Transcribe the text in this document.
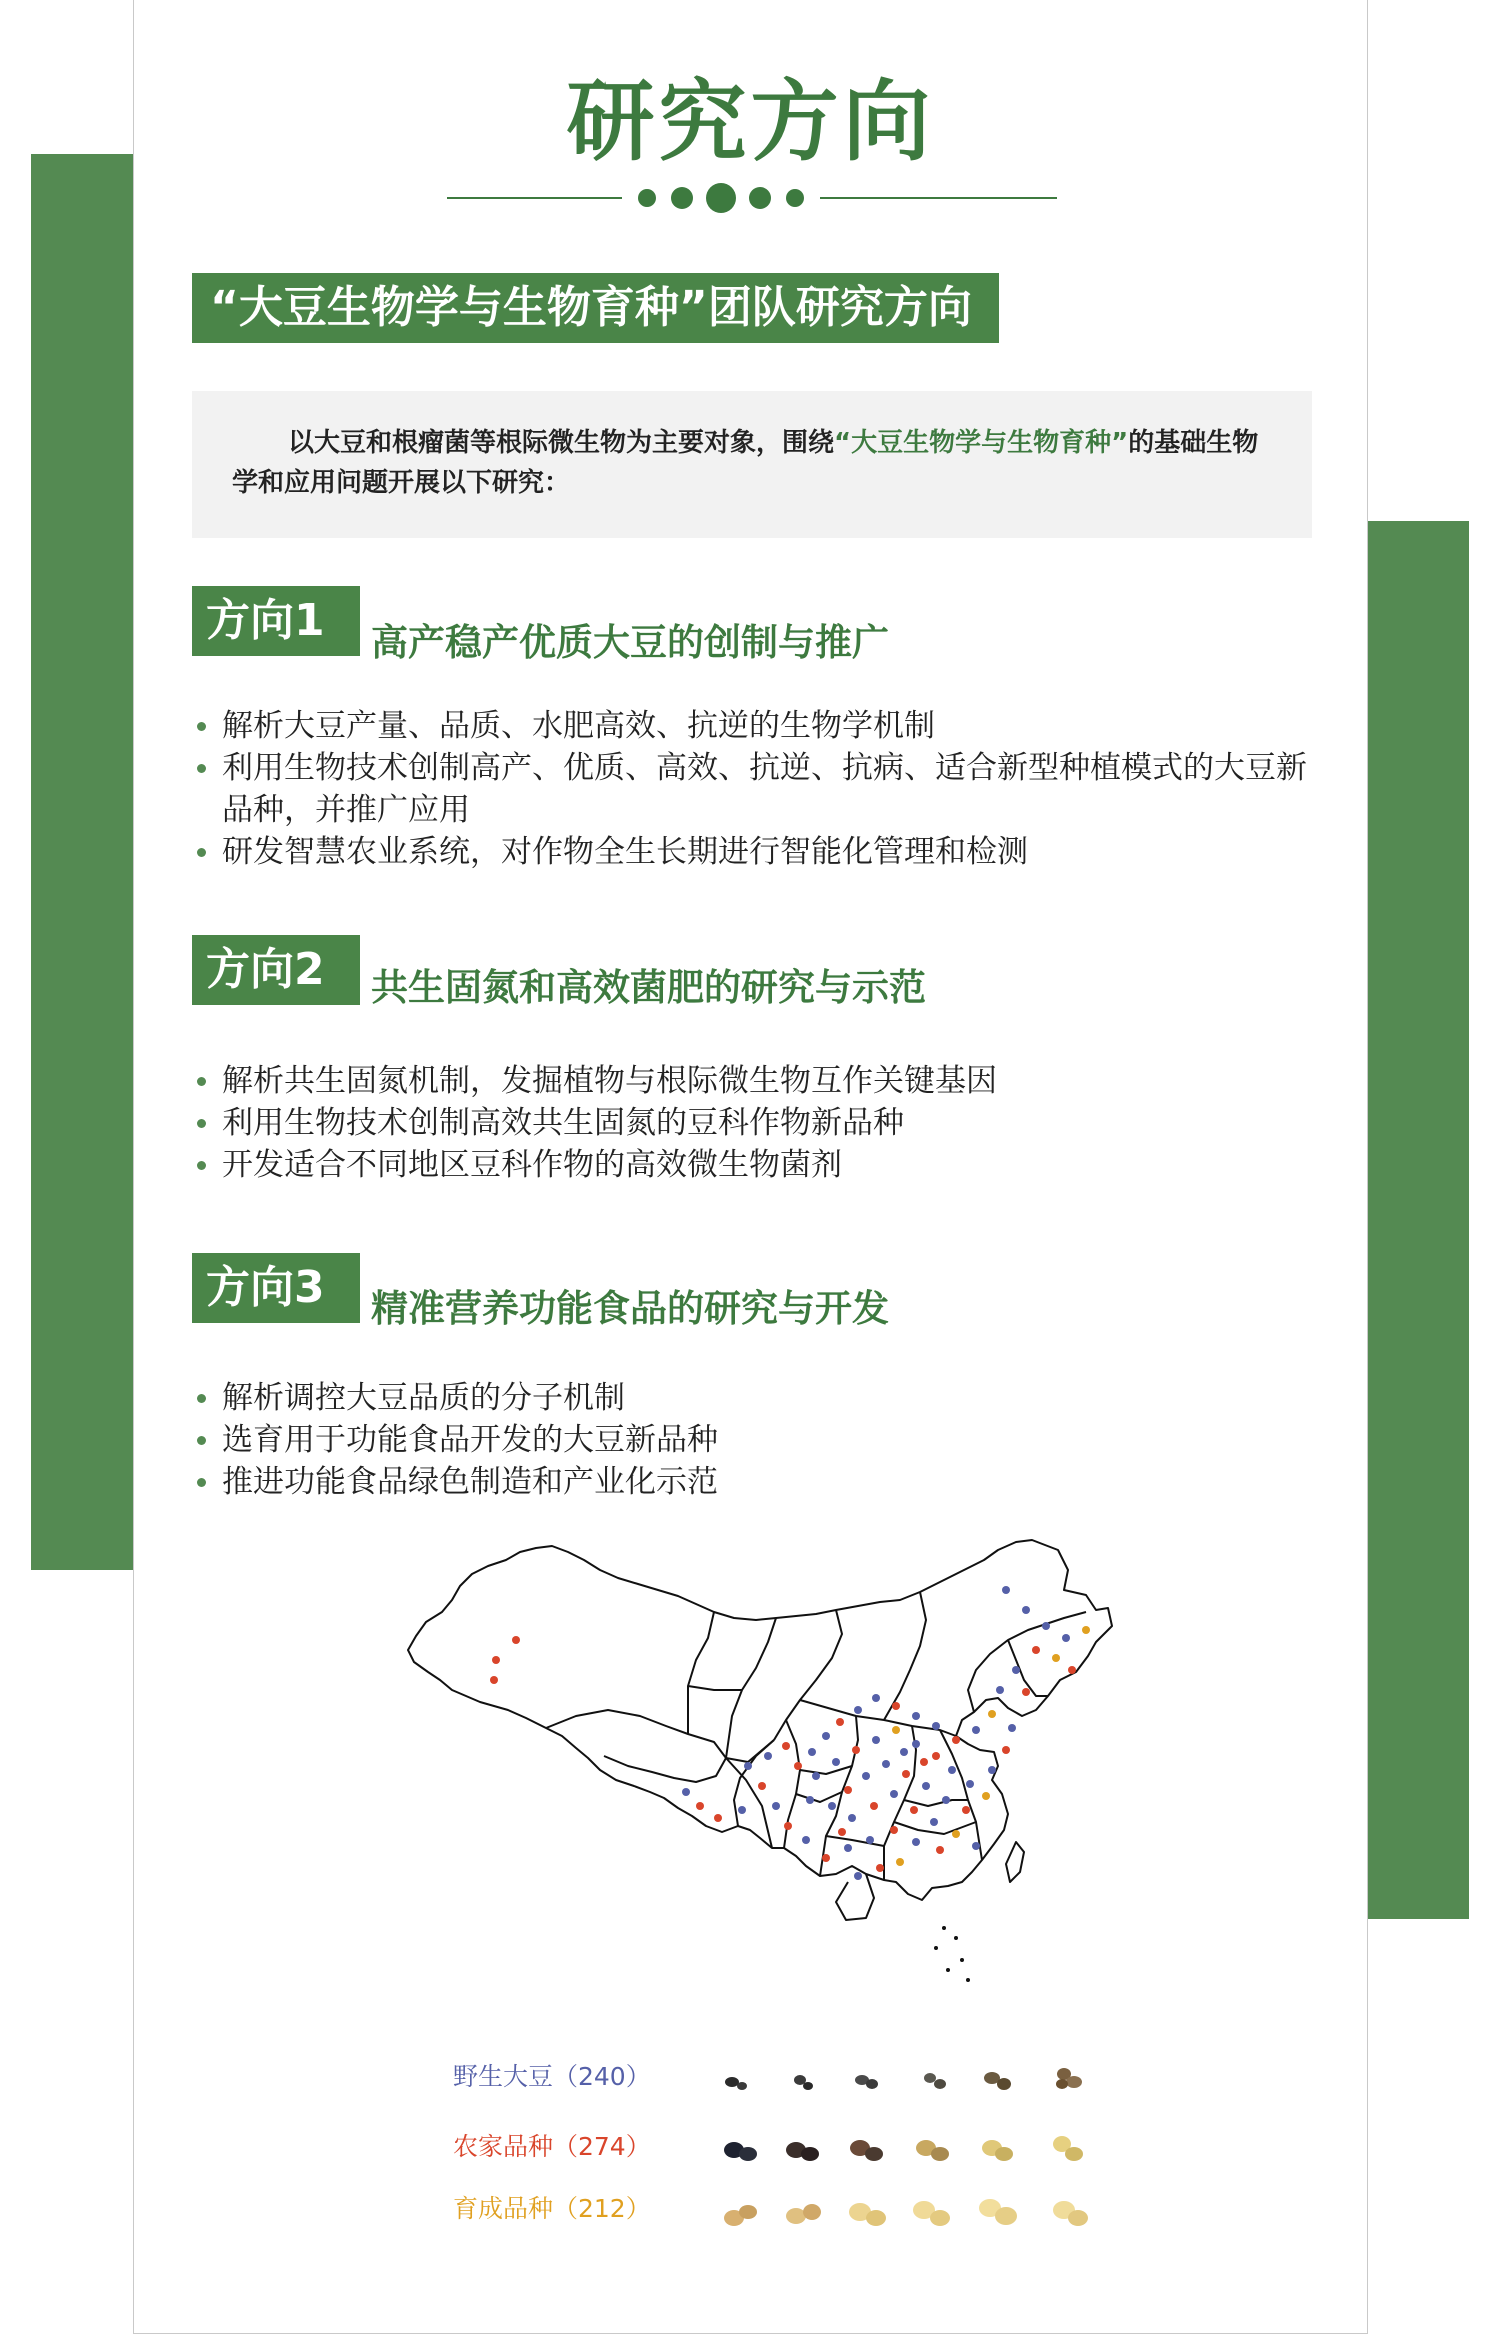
研究方向
“大豆生物学与生物育种”团队研究方向
以大豆和根瘤菌等根际微生物为主要对象，围绕“大豆生物学与生物育种”的基础生物学和应用问题开展以下研究：
方向1	高产稳产优质大豆的创制与推广
解析大豆产量、品质、水肥高效、抗逆的生物学机制
利用生物技术创制高产、优质、高效、抗逆、抗病、适合新型种植模式的大豆新品种，并推广应用
研发智慧农业系统，对作物全生长期进行智能化管理和检测
方向2	共生固氮和高效菌肥的研究与示范
解析共生固氮机制，发掘植物与根际微生物互作关键基因
利用生物技术创制高效共生固氮的豆科作物新品种
开发适合不同地区豆科作物的高效微生物菌剂
方向3	精准营养功能食品的研究与开发
解析调控大豆品质的分子机制
选育用于功能食品开发的大豆新品种
推进功能食品绿色制造和产业化示范
野生大豆（240）
农家品种（274）
育成品种（212）
